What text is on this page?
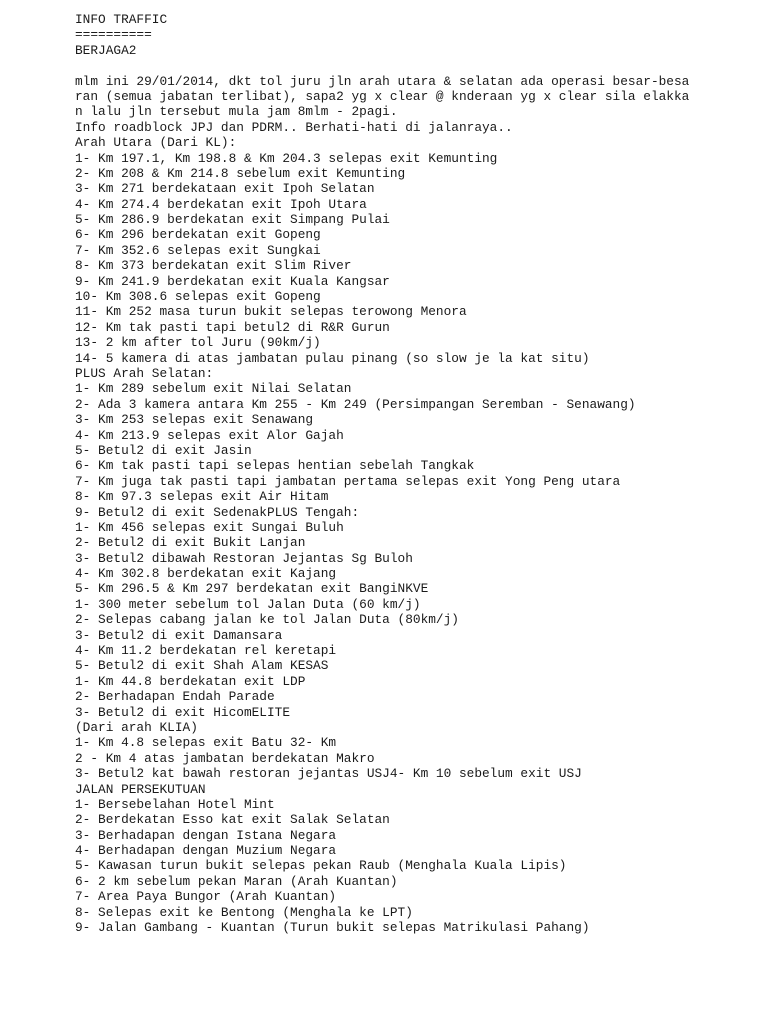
INFO TRAFFIC
==========
BERJAGA2
mlm ini 29/01/2014, dkt tol juru jln arah utara & selatan ada operasi besar-besa
ran (semua jabatan terlibat), sapa2 yg x clear @ knderaan yg x clear sila elakka
n lalu jln tersebut mula jam 8mlm - 2pagi.
Info roadblock JPJ dan PDRM.. Berhati-hati di jalanraya..
Arah Utara (Dari KL):
1- Km 197.1, Km 198.8 & Km 204.3 selepas exit Kemunting
2- Km 208 & Km 214.8 sebelum exit Kemunting
3- Km 271 berdekataan exit Ipoh Selatan
4- Km 274.4 berdekatan exit Ipoh Utara
5- Km 286.9 berdekatan exit Simpang Pulai
6- Km 296 berdekatan exit Gopeng
7- Km 352.6 selepas exit Sungkai
8- Km 373 berdekatan exit Slim River
9- Km 241.9 berdekatan exit Kuala Kangsar
10- Km 308.6 selepas exit Gopeng
11- Km 252 masa turun bukit selepas terowong Menora
12- Km tak pasti tapi betul2 di R&R Gurun
13- 2 km after tol Juru (90km/j)
14- 5 kamera di atas jambatan pulau pinang (so slow je la kat situ)
PLUS Arah Selatan:
1- Km 289 sebelum exit Nilai Selatan
2- Ada 3 kamera antara Km 255 - Km 249 (Persimpangan Seremban - Senawang)
3- Km 253 selepas exit Senawang
4- Km 213.9 selepas exit Alor Gajah
5- Betul2 di exit Jasin
6- Km tak pasti tapi selepas hentian sebelah Tangkak
7- Km juga tak pasti tapi jambatan pertama selepas exit Yong Peng utara
8- Km 97.3 selepas exit Air Hitam
9- Betul2 di exit SedenakPLUS Tengah:
1- Km 456 selepas exit Sungai Buluh
2- Betul2 di exit Bukit Lanjan
3- Betul2 dibawah Restoran Jejantas Sg Buloh
4- Km 302.8 berdekatan exit Kajang
5- Km 296.5 & Km 297 berdekatan exit BangiNKVE
1- 300 meter sebelum tol Jalan Duta (60 km/j)
2- Selepas cabang jalan ke tol Jalan Duta (80km/j)
3- Betul2 di exit Damansara
4- Km 11.2 berdekatan rel keretapi
5- Betul2 di exit Shah Alam KESAS
1- Km 44.8 berdekatan exit LDP
2- Berhadapan Endah Parade
3- Betul2 di exit HicomELITE
(Dari arah KLIA)
1- Km 4.8 selepas exit Batu 32- Km
2 - Km 4 atas jambatan berdekatan Makro
3- Betul2 kat bawah restoran jejantas USJ4- Km 10 sebelum exit USJ
JALAN PERSEKUTUAN
1- Bersebelahan Hotel Mint
2- Berdekatan Esso kat exit Salak Selatan
3- Berhadapan dengan Istana Negara
4- Berhadapan dengan Muzium Negara
5- Kawasan turun bukit selepas pekan Raub (Menghala Kuala Lipis)
6- 2 km sebelum pekan Maran (Arah Kuantan)
7- Area Paya Bungor (Arah Kuantan)
8- Selepas exit ke Bentong (Menghala ke LPT)
9- Jalan Gambang - Kuantan (Turun bukit selepas Matrikulasi Pahang)
